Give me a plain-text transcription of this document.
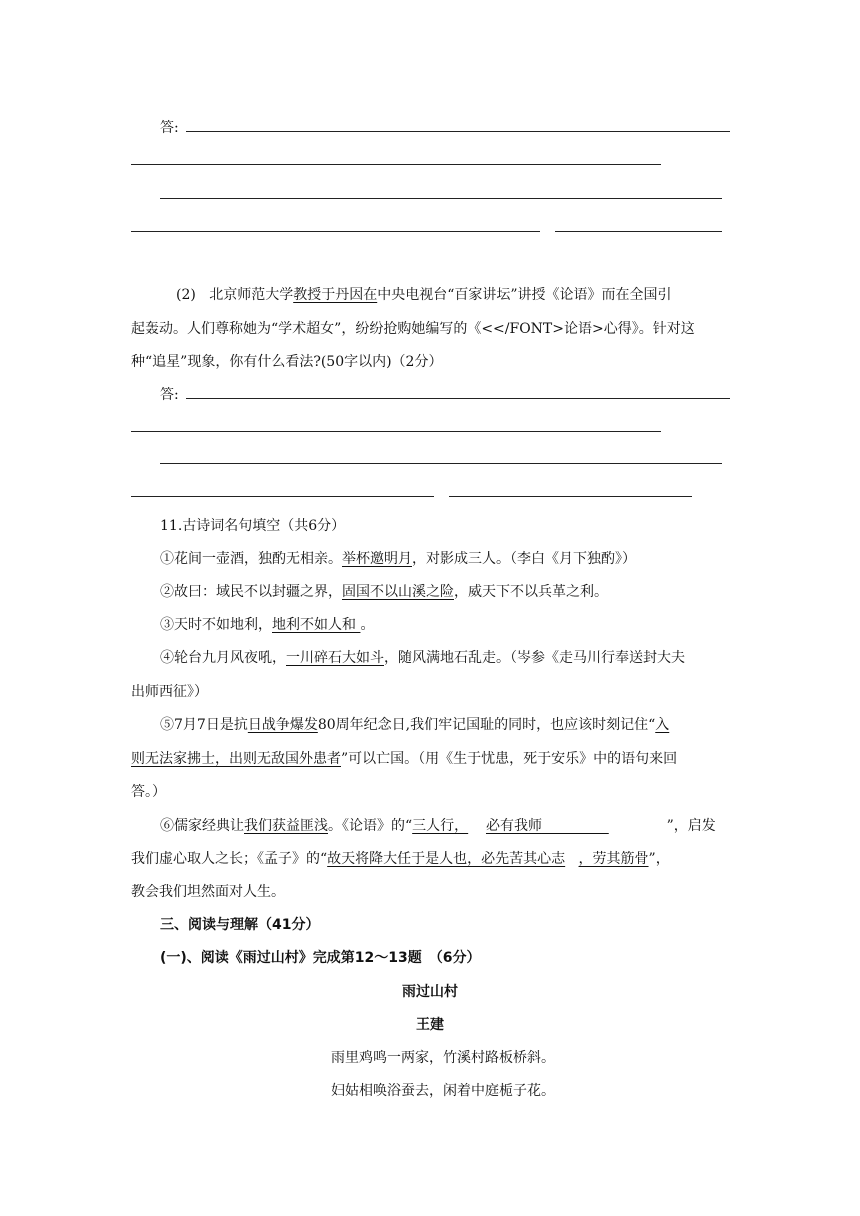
答:
(2) 北京师范大学教授于丹因在中央电视台“百家讲坛”讲授《论语》而在全国引
起轰动。人们尊称她为“学术超女”，纷纷抢购她编写的《<</FONT>论语>心得》。针对这
种“追星”现象，你有什么看法?(50字以内)（2分）
答:
11.古诗词名句填空（共6分）
①花间一壶酒，独酌无相亲。举杯邀明月，对影成三人。（李白《月下独酌》）
②故曰：域民不以封疆之界，固国不以山溪之险，威天下不以兵革之利。
③天时不如地利，地利不如人和 。
④轮台九月风夜吼，一川碎石大如斗，随风满地石乱走。（岑参《走马川行奉送封大夫
出师西征》）
⑤7月7日是抗日战争爆发80周年纪念日,我们牢记国耻的同时，也应该时刻记住“入
则无法家拂士，出则无敌国外患者”可以亡国。（用《生于忧患，死于安乐》中的语句来回
答。）
⑥儒家经典让我们获益匪浅。《论语》的“三人行， 必有我师	”，启发
我们虚心取人之长；《孟子》的“故天将降大任于是人也，必先苦其心志 ，劳其筋骨”，
教会我们坦然面对人生。
三、阅读与理解（41分）
(一)、阅读《雨过山村》完成第12～13题　（6分）
雨过山村
王建
雨里鸡鸣一两家，竹溪村路板桥斜。
妇姑相唤浴蚕去，闲着中庭栀子花。
